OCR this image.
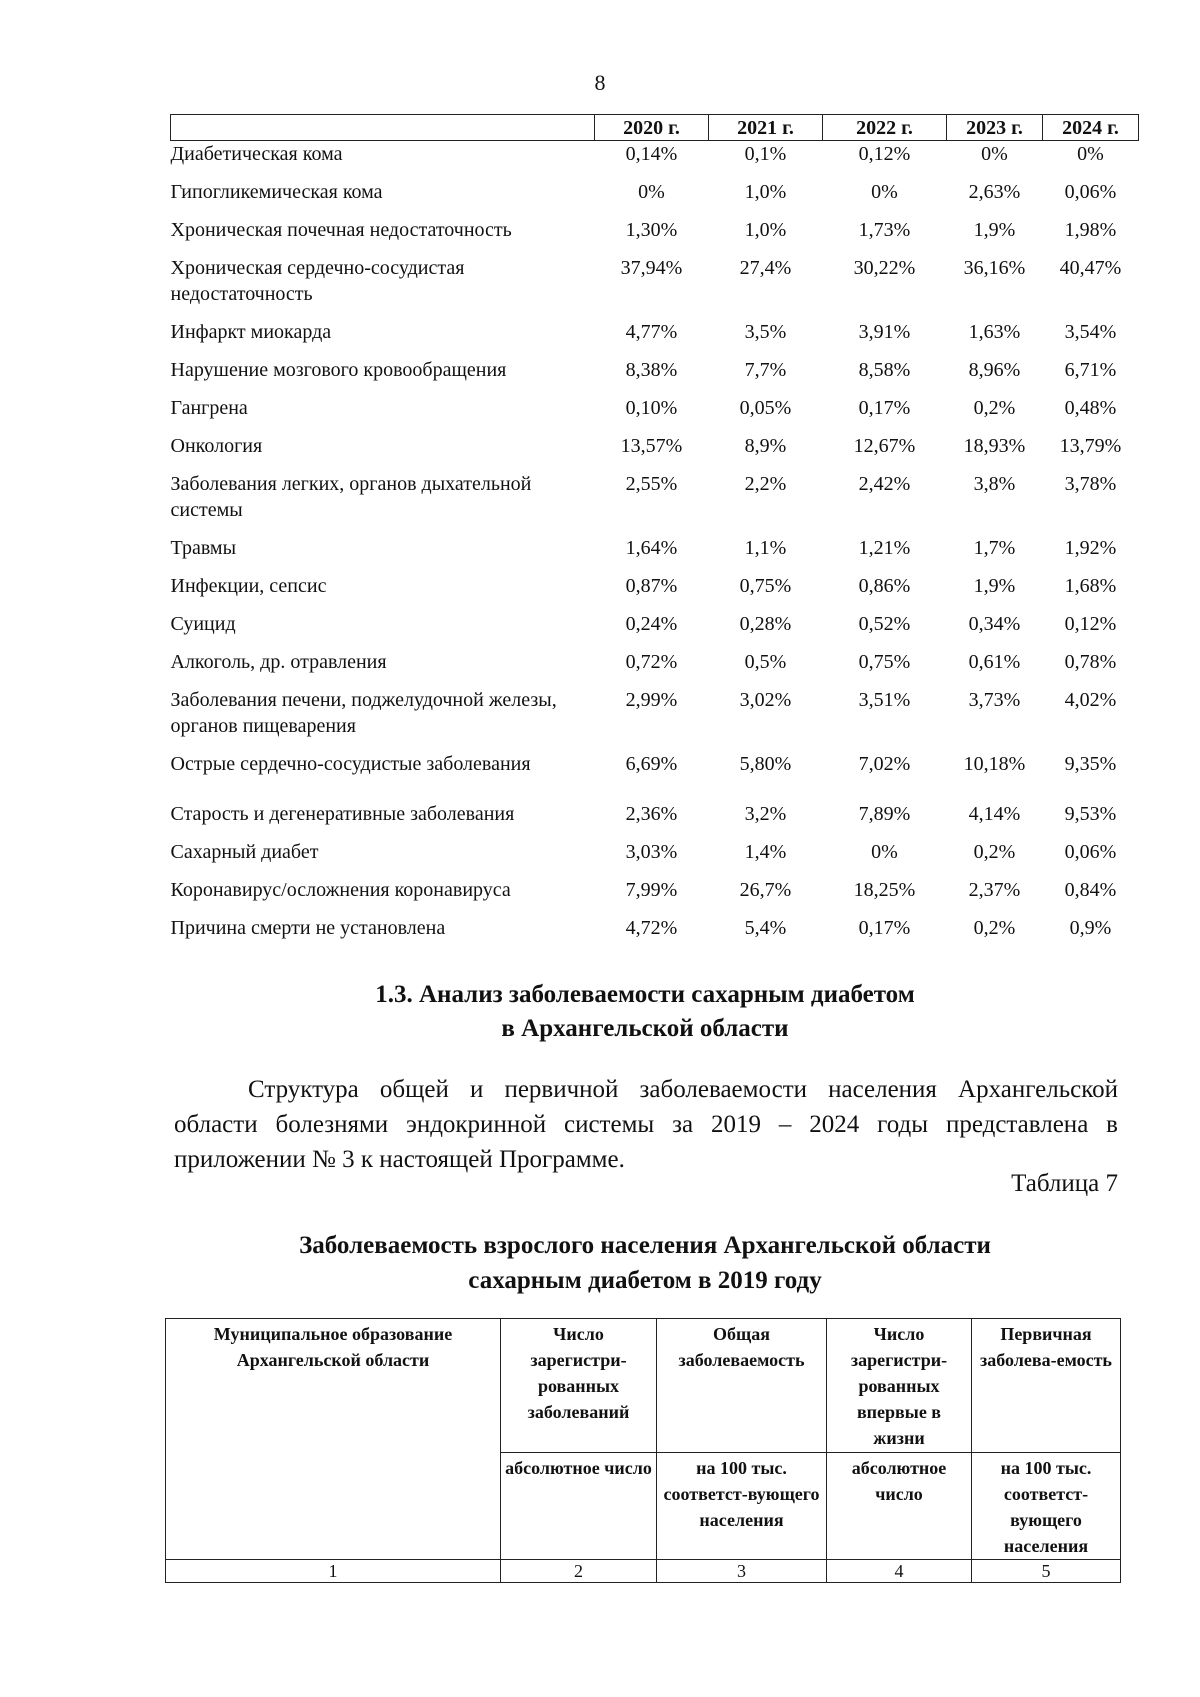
8
	2020 г.	2021 г.	2022 г.	2023 г.	2024 г.
Диабетическая кома	0,14%	0,1%	0,12%	0%	0%

Гипогликемическая кома	0%	1,0%	0%	2,63%	0,06%

Хроническая почечная недостаточность	1,30%	1,0%	1,73%	1,9%	1,98%

Хроническая сердечно-сосудистая недостаточность	37,94%	27,4%	30,22%	36,16%	40,47%

Инфаркт миокарда	4,77%	3,5%	3,91%	1,63%	3,54%

Нарушение мозгового кровообращения	8,38%	7,7%	8,58%	8,96%	6,71%

Гангрена	0,10%	0,05%	0,17%	0,2%	0,48%

Онкология	13,57%	8,9%	12,67%	18,93%	13,79%

Заболевания легких, органов дыхательной системы	2,55%	2,2%	2,42%	3,8%	3,78%

Травмы	1,64%	1,1%	1,21%	1,7%	1,92%

Инфекции, сепсис	0,87%	0,75%	0,86%	1,9%	1,68%

Суицид	0,24%	0,28%	0,52%	0,34%	0,12%

Алкоголь, др. отравления	0,72%	0,5%	0,75%	0,61%	0,78%

Заболевания печени, поджелудочной железы, органов пищеварения	2,99%	3,02%	3,51%	3,73%	4,02%

Острые сердечно-сосудистые заболевания	6,69%	5,80%	7,02%	10,18%	9,35%

Старость и дегенеративные заболевания	2,36%	3,2%	7,89%	4,14%	9,53%

Сахарный диабет	3,03%	1,4%	0%	0,2%	0,06%

Коронавирус/осложнения коронавируса	7,99%	26,7%	18,25%	2,37%	0,84%

Причина смерти не установлена	4,72%	5,4%	0,17%	0,2%	0,9%
1.3. Анализ заболеваемости сахарным диабетом
в Архангельской области
Структура общей и первичной заболеваемости населения Архангельской области болезнями эндокринной системы за 2019 – 2024 годы представлена в приложении № 3 к настоящей Программе.
Таблица 7
Заболеваемость взрослого населения Архангельской области
сахарным диабетом в 2019 году
Муниципальное образование Архангельской области	Число зарегистри-рованных заболеваний	Общая заболеваемость	Число зарегистри-рованных впервые в жизни	Первичная заболева-емость
	абсолютное число	на 100 тыс. соответст-вующего населения	абсолютное число	на 100 тыс. соответст-вующего населения
1	2	3	4	5
